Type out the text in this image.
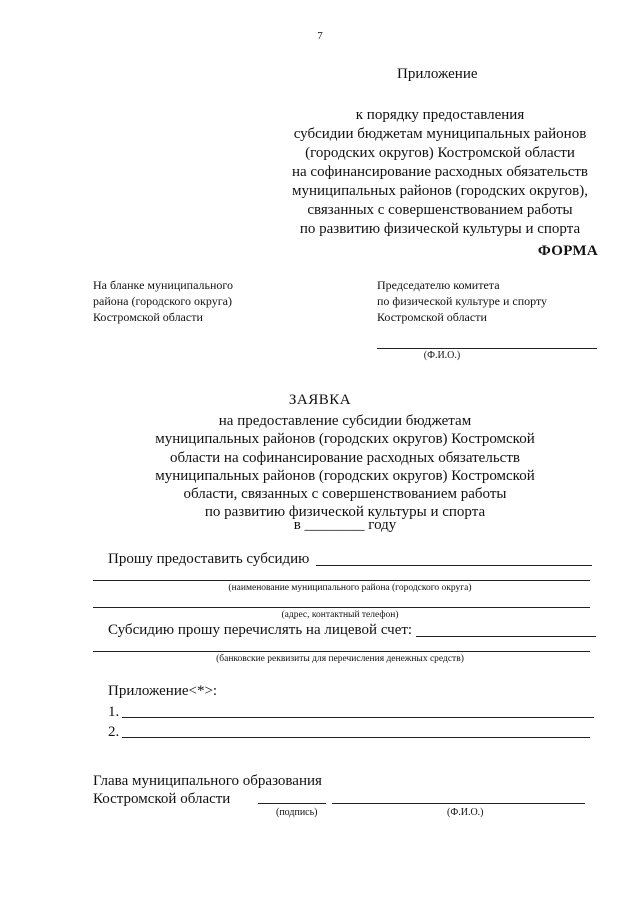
7
Приложение
к порядку предоставления
субсидии бюджетам муниципальных районов
(городских округов) Костромской области
на софинансирование расходных обязательств
муниципальных районов (городских округов),
связанных с совершенствованием работы
по развитию физической культуры и спорта
ФОРМА
На бланке муниципального
района (городского округа)
Костромской области
Председателю комитета
по физической культуре и спорту
Костромской области
(Ф.И.О.)
ЗАЯВКА
на предоставление субсидии бюджетам
муниципальных районов (городских округов) Костромской
области на софинансирование расходных обязательств
муниципальных районов (городских округов) Костромской
области, связанных с совершенствованием работы
по развитию физической культуры и спорта
в ________ году
Прошу предоставить субсидию
(наименование муниципального района (городского округа)
(адрес, контактный телефон)
Субсидию прошу перечислять на лицевой счет:
(банковские реквизиты для перечисления денежных средств)
Приложение<*>:
1.
2.
Глава муниципального образования
Костромской области
(подпись)	(Ф.И.О.)
